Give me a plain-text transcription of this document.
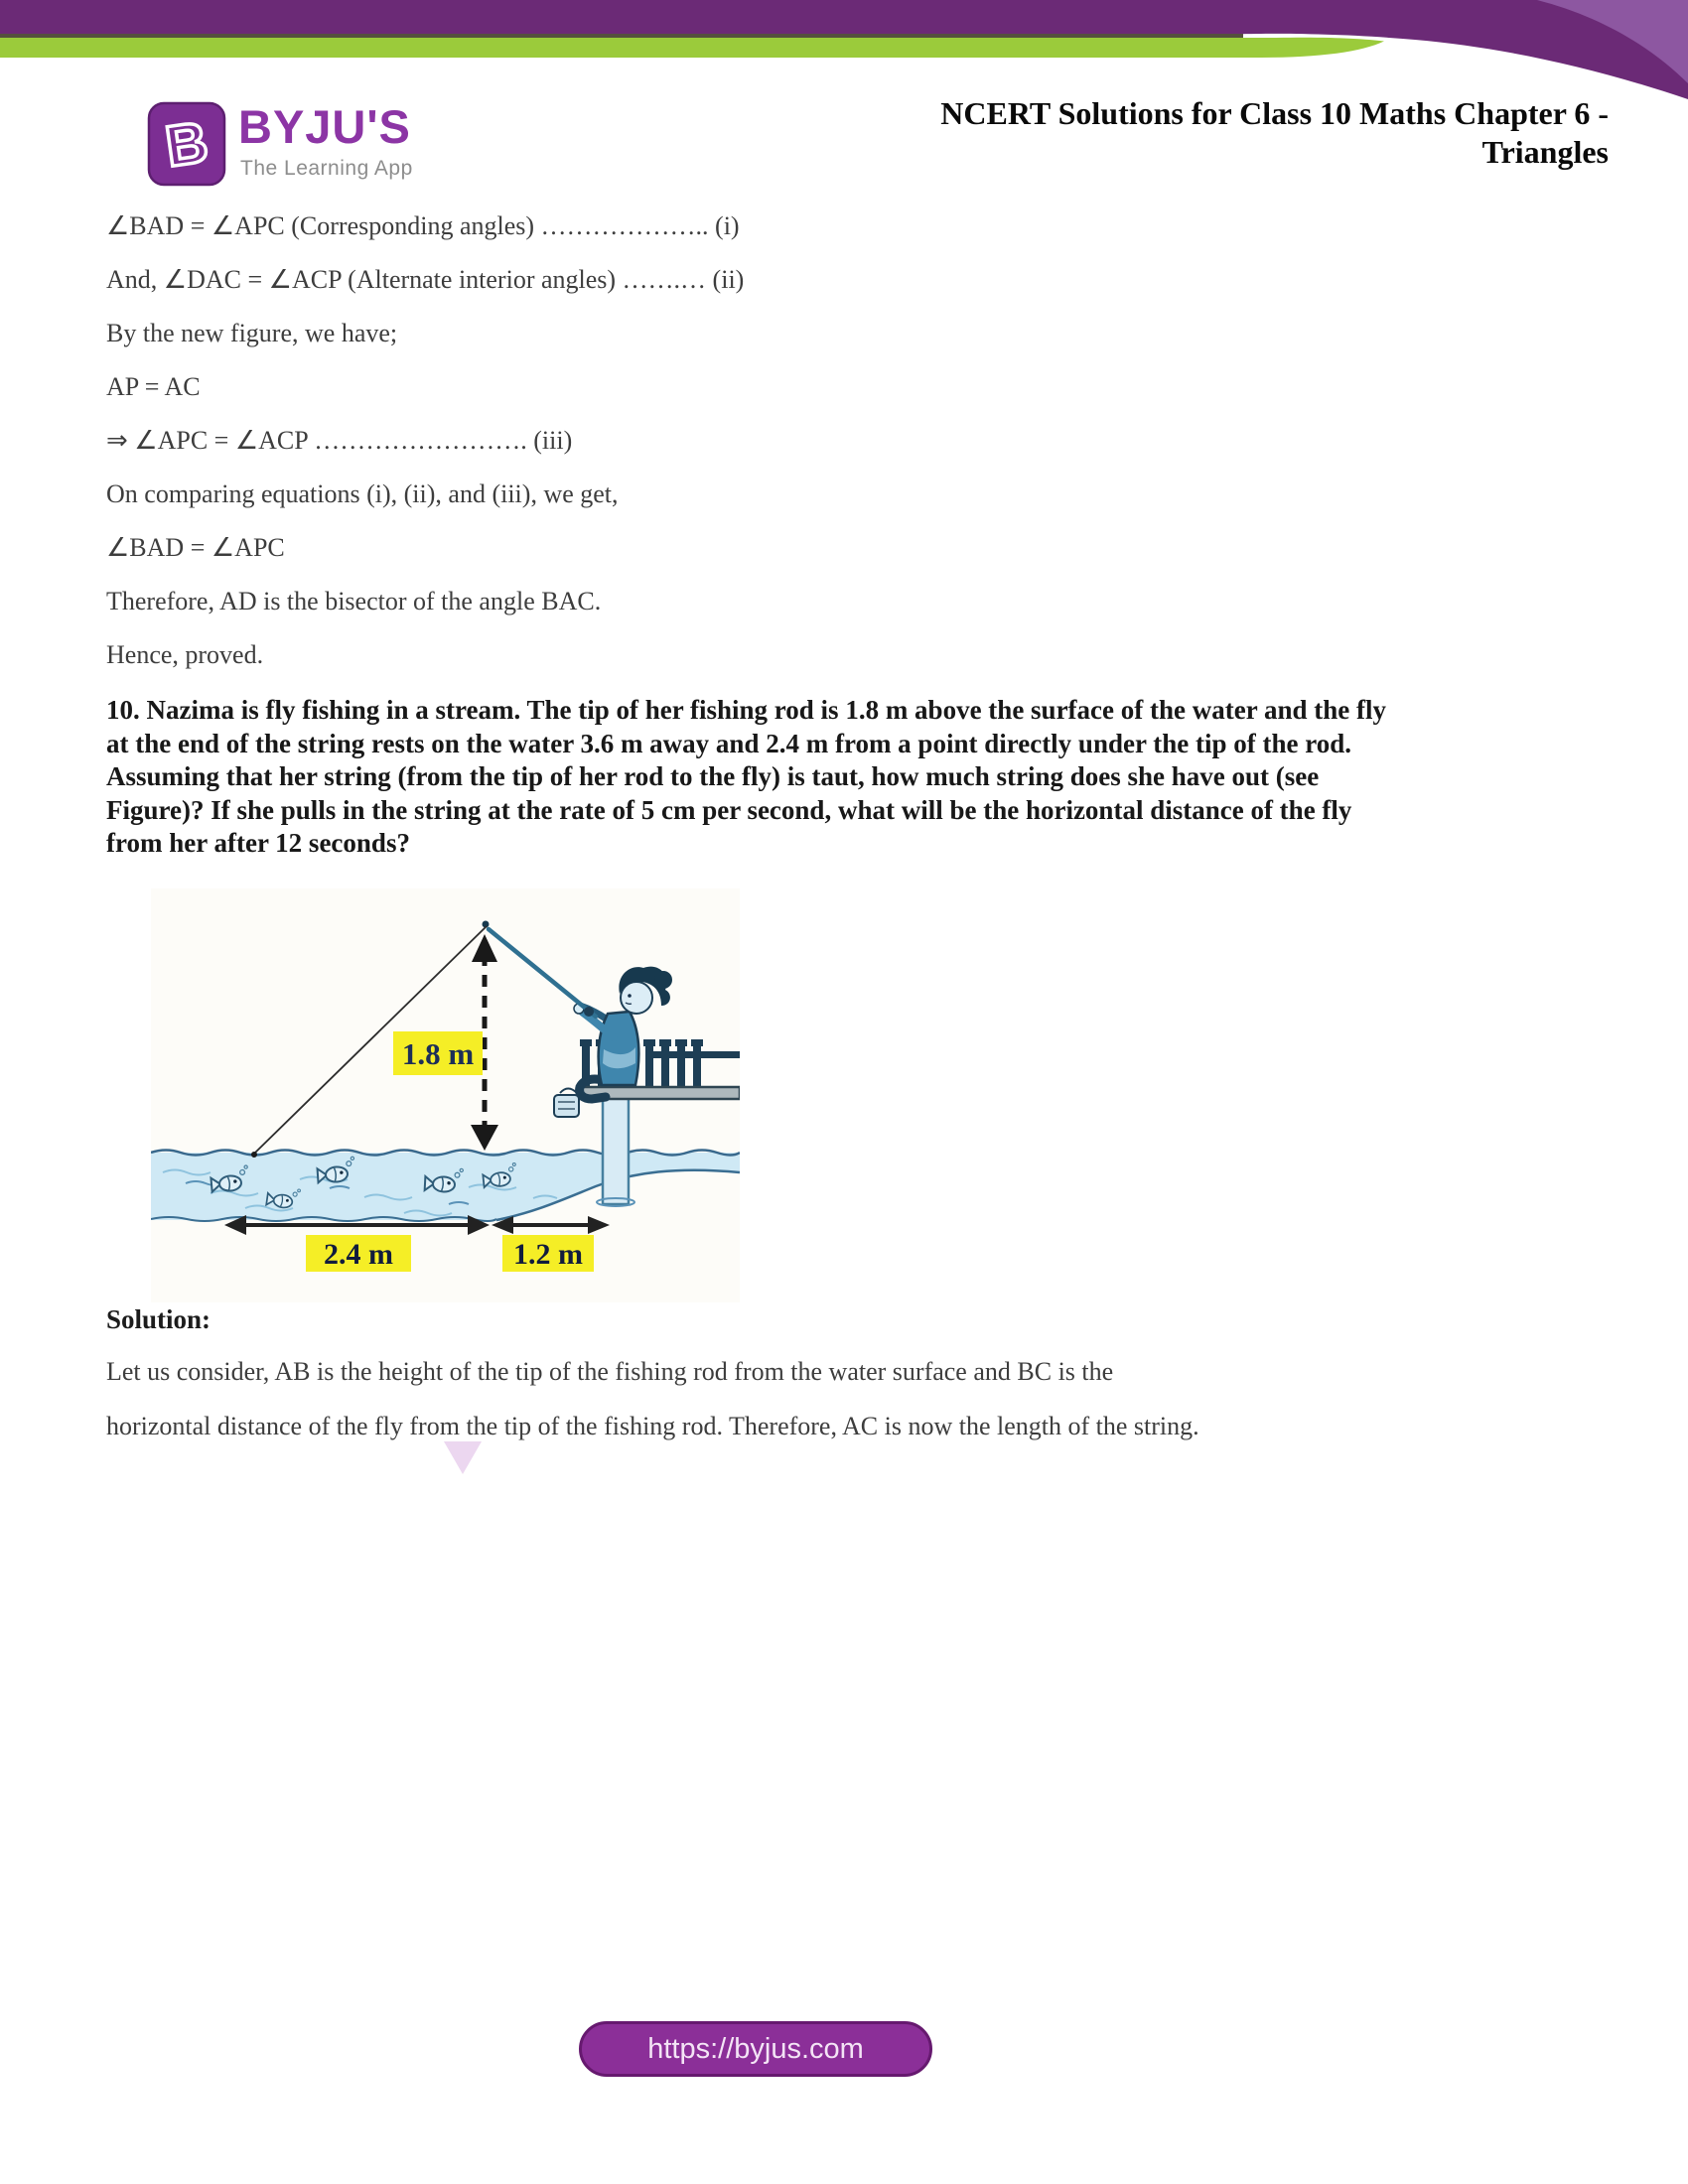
B BYJU'S
The Learning App
NCERT Solutions for Class 10 Maths Chapter 6 -
Triangles

∠BAD = ∠APC (Corresponding angles) ……………….. (i)

And, ∠DAC = ∠ACP (Alternate interior angles) …….… (ii)

By the new figure, we have;

AP = AC

⇒ ∠APC = ∠ACP ……………………. (iii)

On comparing equations (i), (ii), and (iii), we get,

∠BAD = ∠APC

Therefore, AD is the bisector of the angle BAC.

Hence, proved.

10. Nazima is fly fishing in a stream. The tip of her fishing rod is 1.8 m above the surface of the water and the fly
at the end of the string rests on the water 3.6 m away and 2.4 m from a point directly under the tip of the rod.
Assuming that her string (from the tip of her rod to the fly) is taut, how much string does she have out (see
Figure)? If she pulls in the string at the rate of 5 cm per second, what will be the horizontal distance of the fly
from her after 12 seconds?
1.8 m
2.4 m	1.2 m
Solution:

Let us consider, AB is the height of the tip of the fishing rod from the water surface and BC is the

horizontal distance of the fly from the tip of the fishing rod. Therefore, AC is now the length of the string.

https://byjus.com
